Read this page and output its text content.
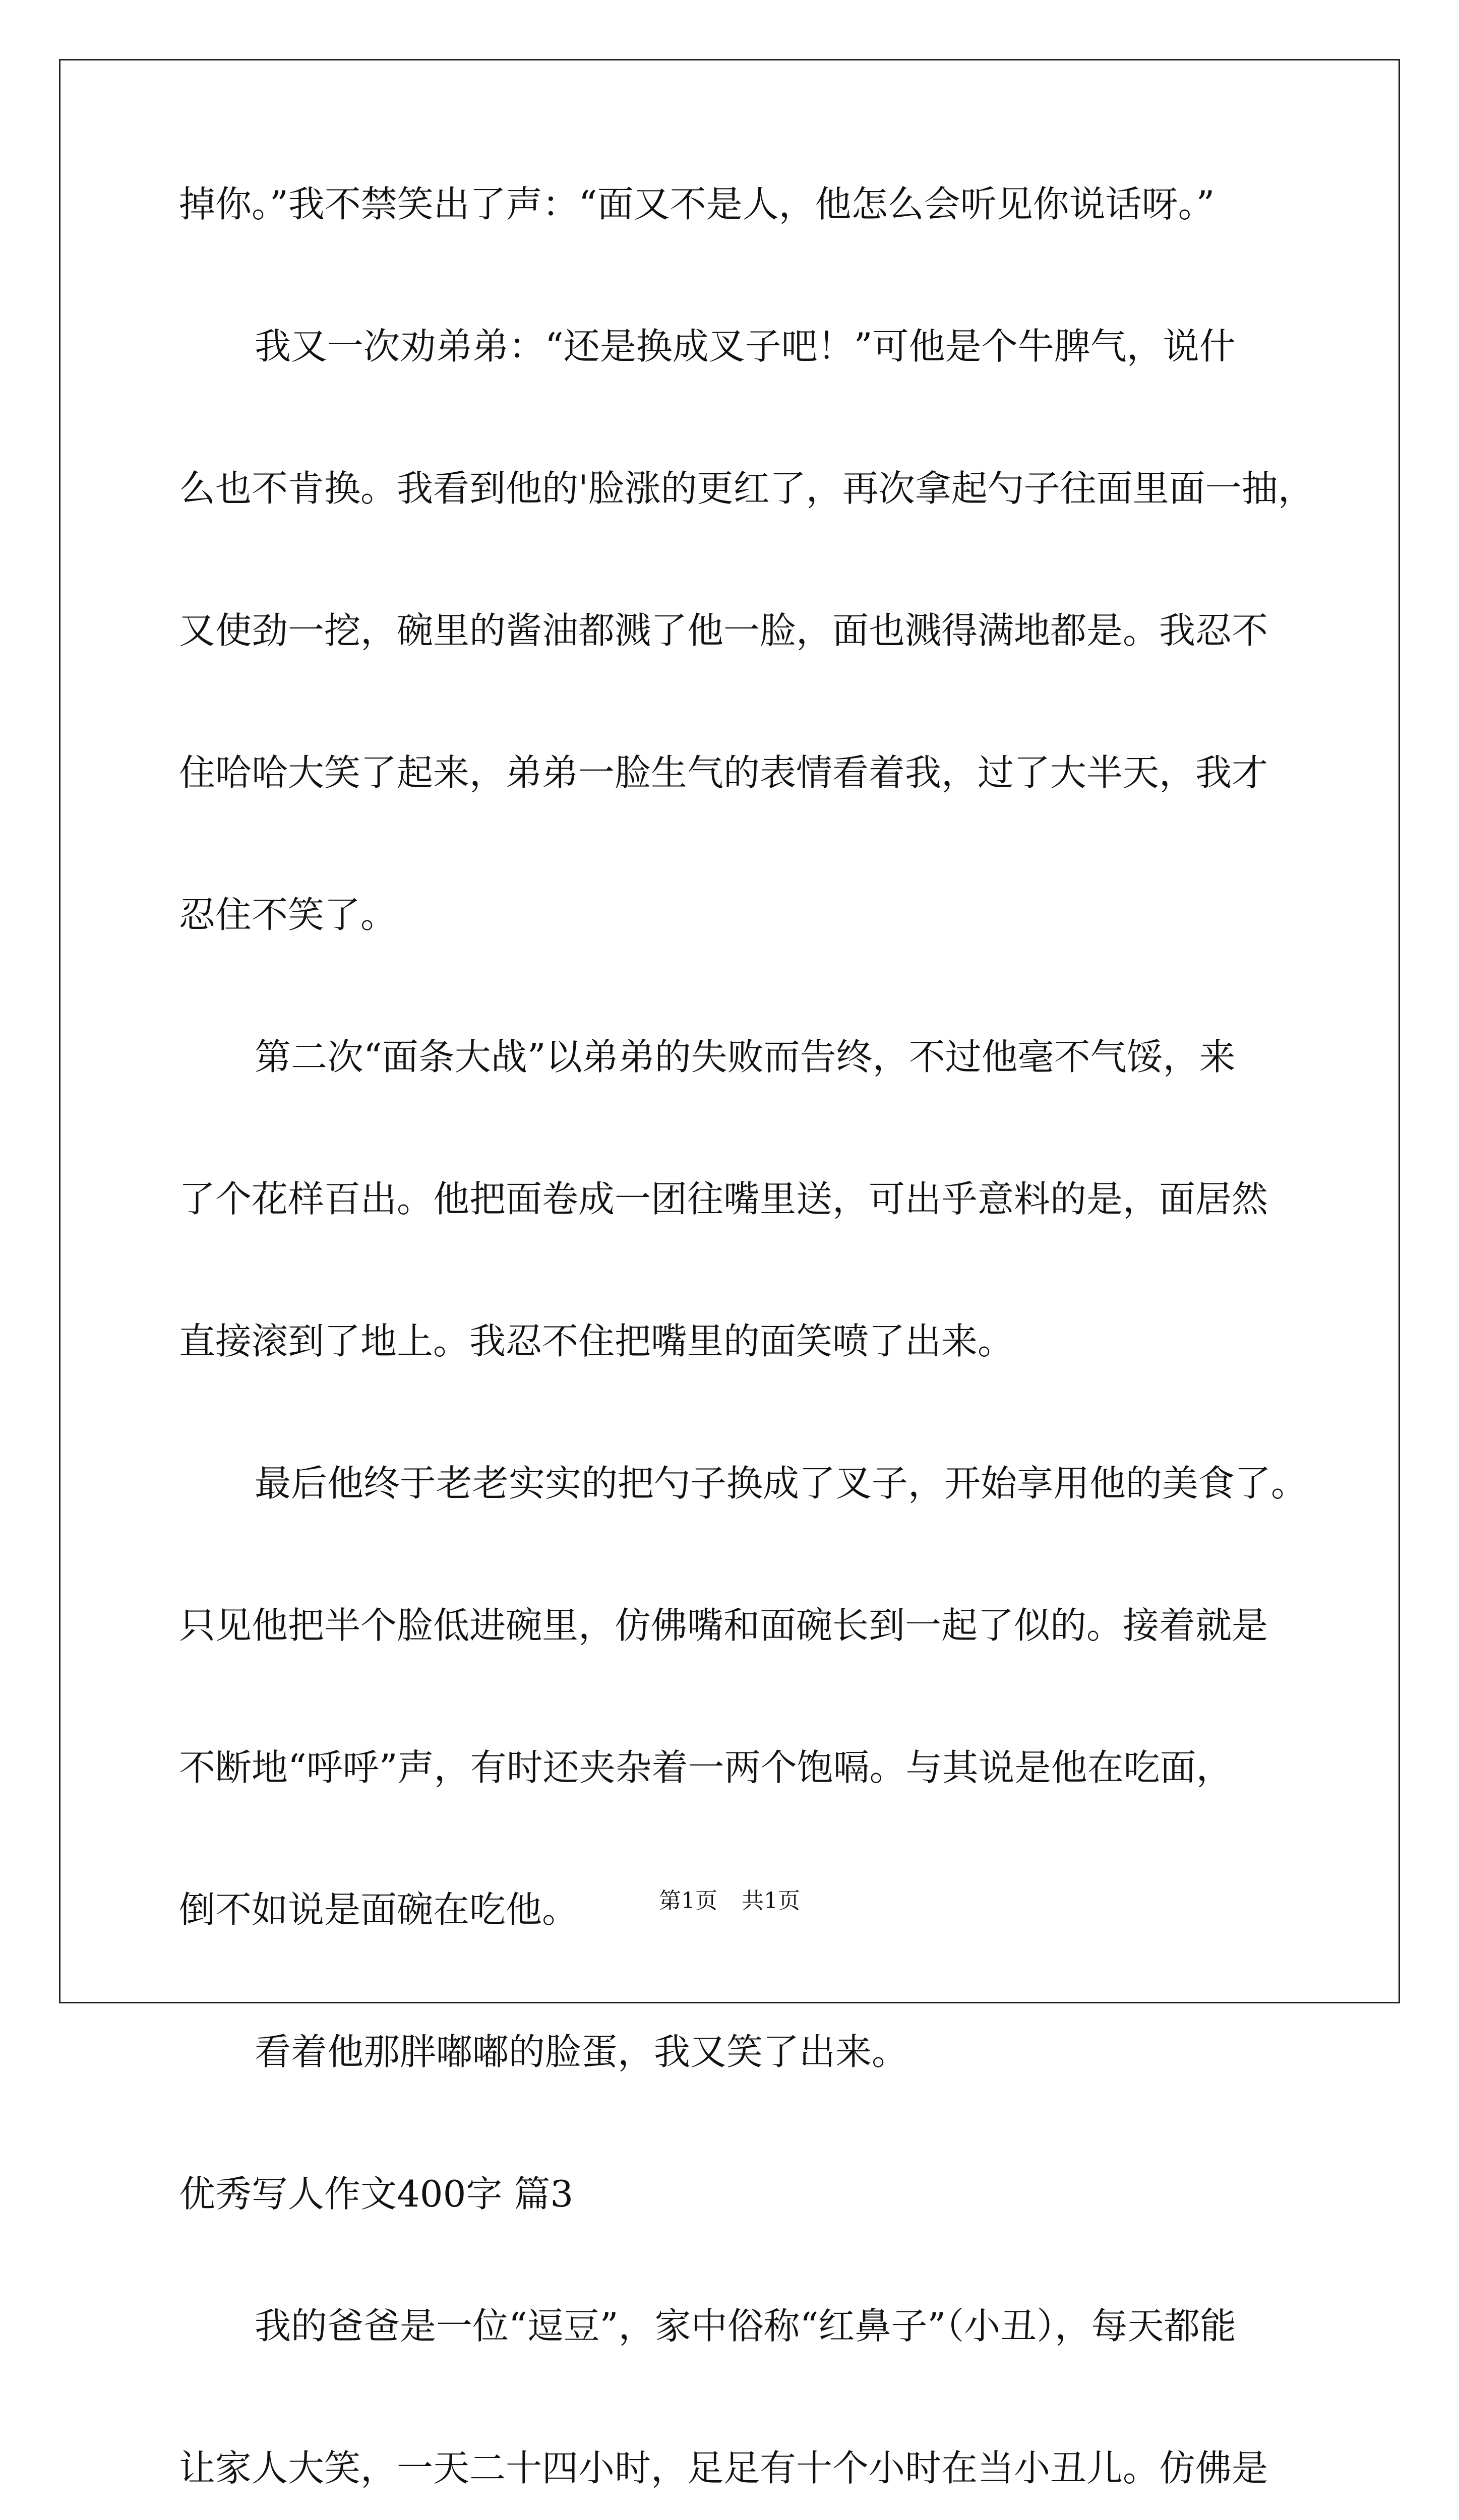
掉你。”我不禁笑出了声：“面又不是人，他怎么会听见你说话呀。”
我又一次劝弟弟：“还是换成叉子吧！”可他是个牛脾气，说什
么也不肯换。我看到他的'脸涨的更红了，再次拿起勺子往面里面一抽，
又使劲一挖，碗里的酱油都溅了他一脸，面也溅得满地都是。我忍不
住哈哈大笑了起来，弟弟一脸生气的表情看着我，过了大半天，我才
忍住不笑了。
第二次“面条大战”以弟弟的失败而告终，不过他毫不气馁，来
了个花样百出。他把面卷成一团往嘴里送，可出乎意料的是，面居然
直接滚到了地上。我忍不住把嘴里的面笑喷了出来。
最后他终于老老实实的把勺子换成了叉子，开始享用他的美食了。
只见他把半个脸低进碗里，仿佛嘴和面碗长到一起了似的。接着就是
不断地“呼呼”声，有时还夹杂着一两个饱嗝。与其说是他在吃面，
倒不如说是面碗在吃他。
看着他那胖嘟嘟的脸蛋，我又笑了出来。
优秀写人作文400字 篇3
我的爸爸是一位“逗豆”，家中俗称“红鼻子”（小丑），每天都能
让家人大笑，一天二十四小时，足足有十个小时在当小丑儿。仿佛是
第1页 共1页
